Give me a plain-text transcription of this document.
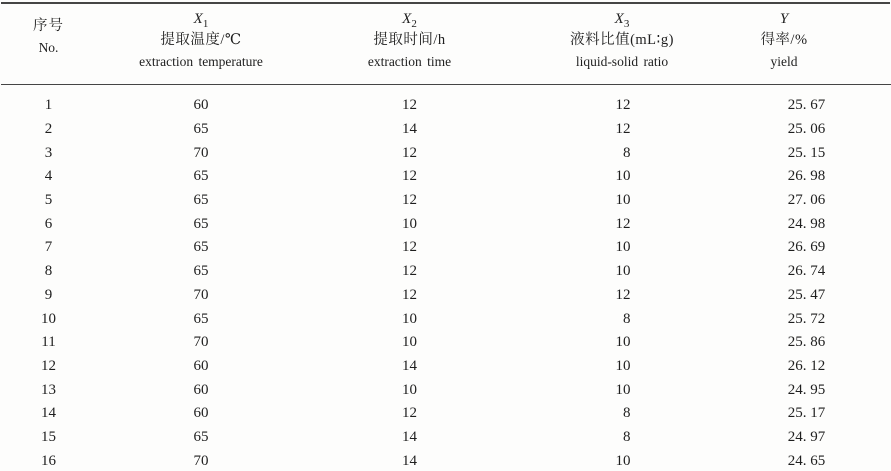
序号
No.

$X_1$
提取温度/℃
extraction temperature

$X_2$
提取时间/h
extraction time

$X_3$
液料比值(mL∶g)
liquid-solid ratio

Y
得率/%
yield

1	60	12	12	25. 67
2	65	14	12	25. 06
3	70	12	8	25. 15
4	65	12	10	26. 98
5	65	12	10	27. 06
6	65	10	12	24. 98
7	65	12	10	26. 69
8	65	12	10	26. 74
9	70	12	12	25. 47
10	65	10	8	25. 72
11	70	10	10	25. 86
12	60	14	10	26. 12
13	60	10	10	24. 95
14	60	12	8	25. 17
15	65	14	8	24. 97
16	70	14	10	24. 65
